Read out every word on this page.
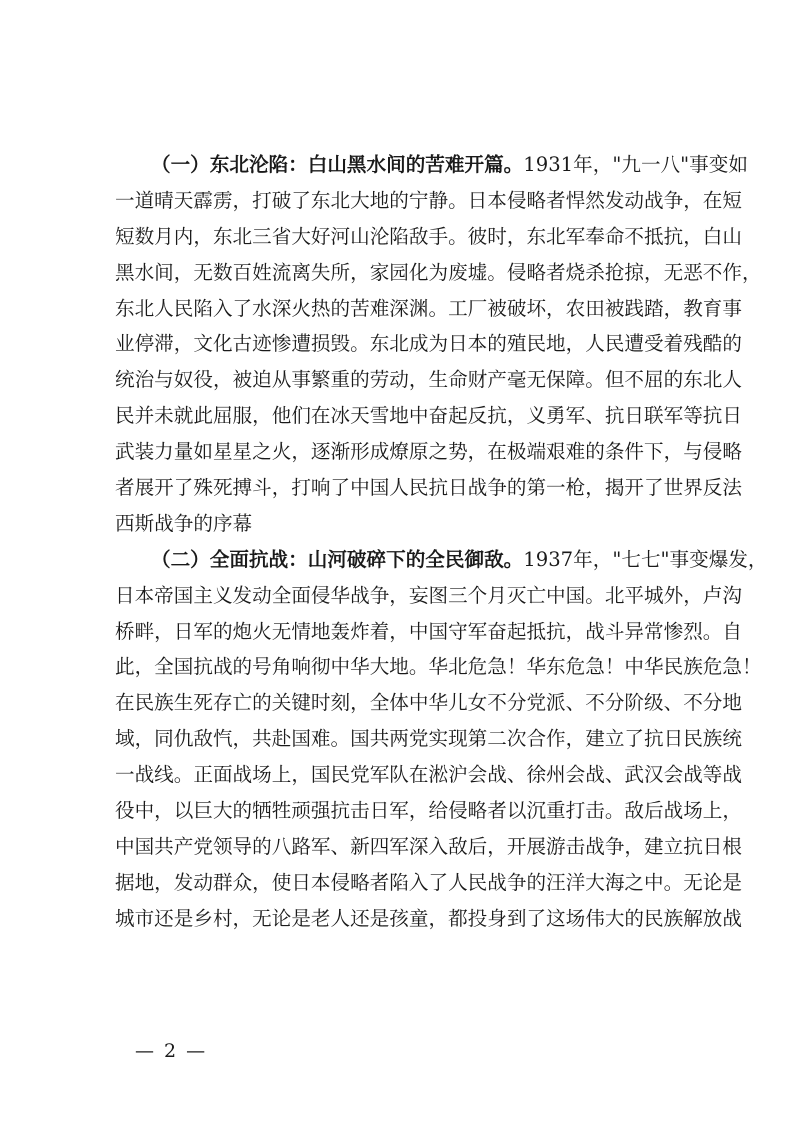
（一）东北沦陷：白山黑水间的苦难开篇。1931年，"九一八"事变如
一道晴天霹雳，打破了东北大地的宁静。日本侵略者悍然发动战争，在短
短数月内，东北三省大好河山沦陷敌手。彼时，东北军奉命不抵抗，白山
黑水间，无数百姓流离失所，家园化为废墟。侵略者烧杀抢掠，无恶不作，
东北人民陷入了水深火热的苦难深渊。工厂被破坏，农田被践踏，教育事
业停滞，文化古迹惨遭损毁。东北成为日本的殖民地，人民遭受着残酷的
统治与奴役，被迫从事繁重的劳动，生命财产毫无保障。但不屈的东北人
民并未就此屈服，他们在冰天雪地中奋起反抗，义勇军、抗日联军等抗日
武装力量如星星之火，逐渐形成燎原之势，在极端艰难的条件下，与侵略
者展开了殊死搏斗，打响了中国人民抗日战争的第一枪，揭开了世界反法
西斯战争的序幕
（二）全面抗战：山河破碎下的全民御敌。1937年，"七七"事变爆发，
日本帝国主义发动全面侵华战争，妄图三个月灭亡中国。北平城外，卢沟
桥畔，日军的炮火无情地轰炸着，中国守军奋起抵抗，战斗异常惨烈。自
此，全国抗战的号角响彻中华大地。华北危急！华东危急！中华民族危急！
在民族生死存亡的关键时刻，全体中华儿女不分党派、不分阶级、不分地
域，同仇敌忾，共赴国难。国共两党实现第二次合作，建立了抗日民族统
一战线。正面战场上，国民党军队在淞沪会战、徐州会战、武汉会战等战
役中，以巨大的牺牲顽强抗击日军，给侵略者以沉重打击。敌后战场上，
中国共产党领导的八路军、新四军深入敌后，开展游击战争，建立抗日根
据地，发动群众，使日本侵略者陷入了人民战争的汪洋大海之中。无论是
城市还是乡村，无论是老人还是孩童，都投身到了这场伟大的民族解放战
— 2 —
